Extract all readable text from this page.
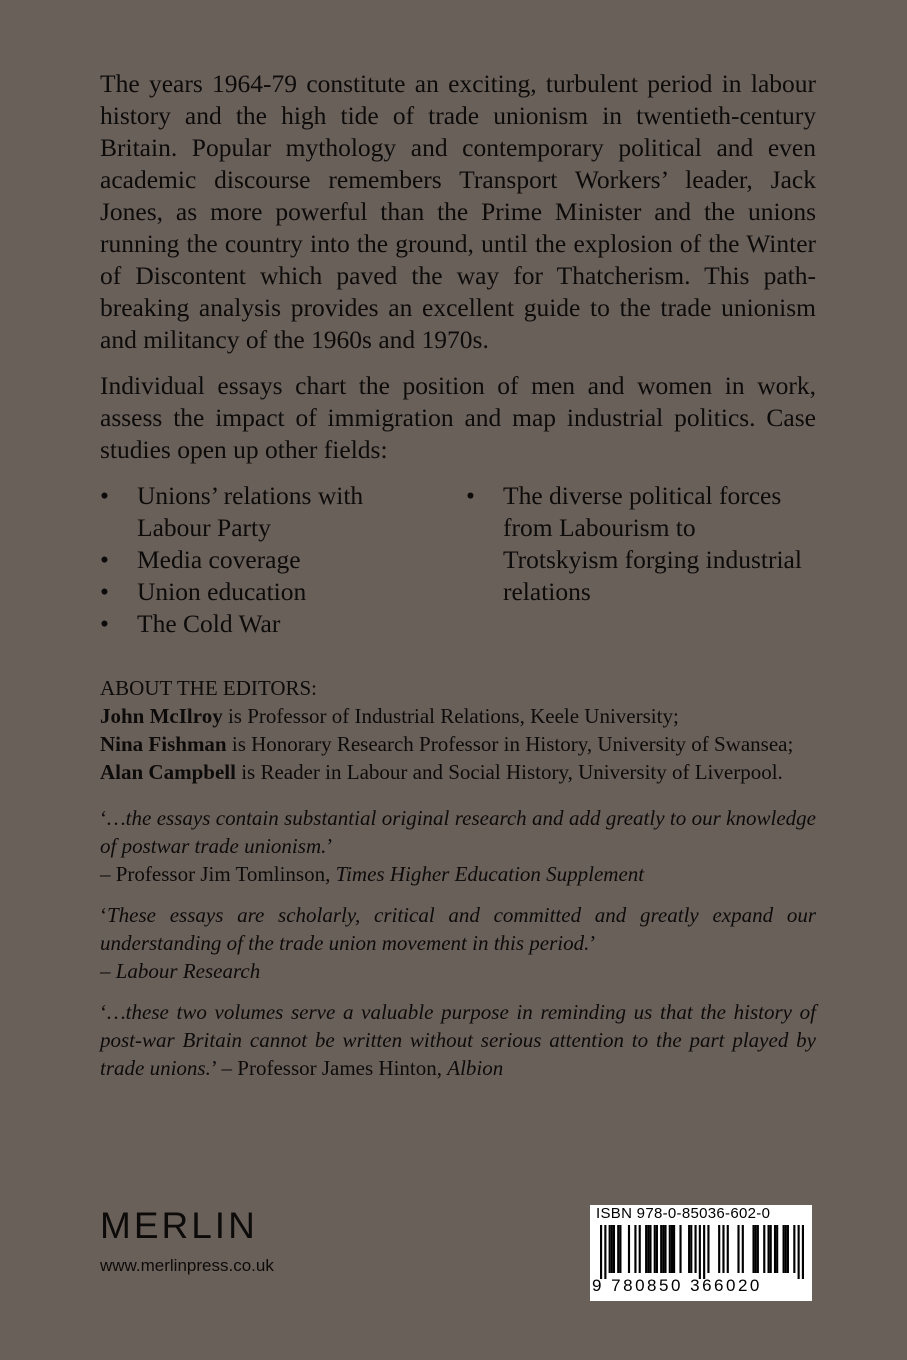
The years 1964-79 constitute an exciting, turbulent period in labour history and the high tide of trade unionism in twentieth-century Britain. Popular mythology and contemporary political and even academic discourse remembers Transport Workers’ leader, Jack Jones, as more powerful than the Prime Minister and the unions running the country into the ground, until the explosion of the Winter of Discontent which paved the way for Thatcherism. This path-breaking analysis provides an excellent guide to the trade unionism and militancy of the 1960s and 1970s.

Individual essays chart the position of men and women in work, assess the impact of immigration and map industrial politics. Case studies open up other fields:

• Unions’ relations with Labour Party
• Media coverage
• Union education
• The Cold War
• The diverse political forces from Labourism to Trotskyism forging industrial relations
ABOUT THE EDITORS:
John McIlroy is Professor of Industrial Relations, Keele University;
Nina Fishman is Honorary Research Professor in History, University of Swansea;
Alan Campbell is Reader in Labour and Social History, University of Liverpool.
‘…the essays contain substantial original research and add greatly to our knowledge of postwar trade unionism.’
– Professor Jim Tomlinson, Times Higher Education Supplement
‘These essays are scholarly, critical and committed and greatly expand our understanding of the trade union movement in this period.’
– Labour Research
‘…these two volumes serve a valuable purpose in reminding us that the history of post-war Britain cannot be written without serious attention to the part played by trade unions.’ – Professor James Hinton, Albion
MERLIN
www.merlinpress.co.uk
ISBN 978-0-85036-602-0
9 780850 366020
